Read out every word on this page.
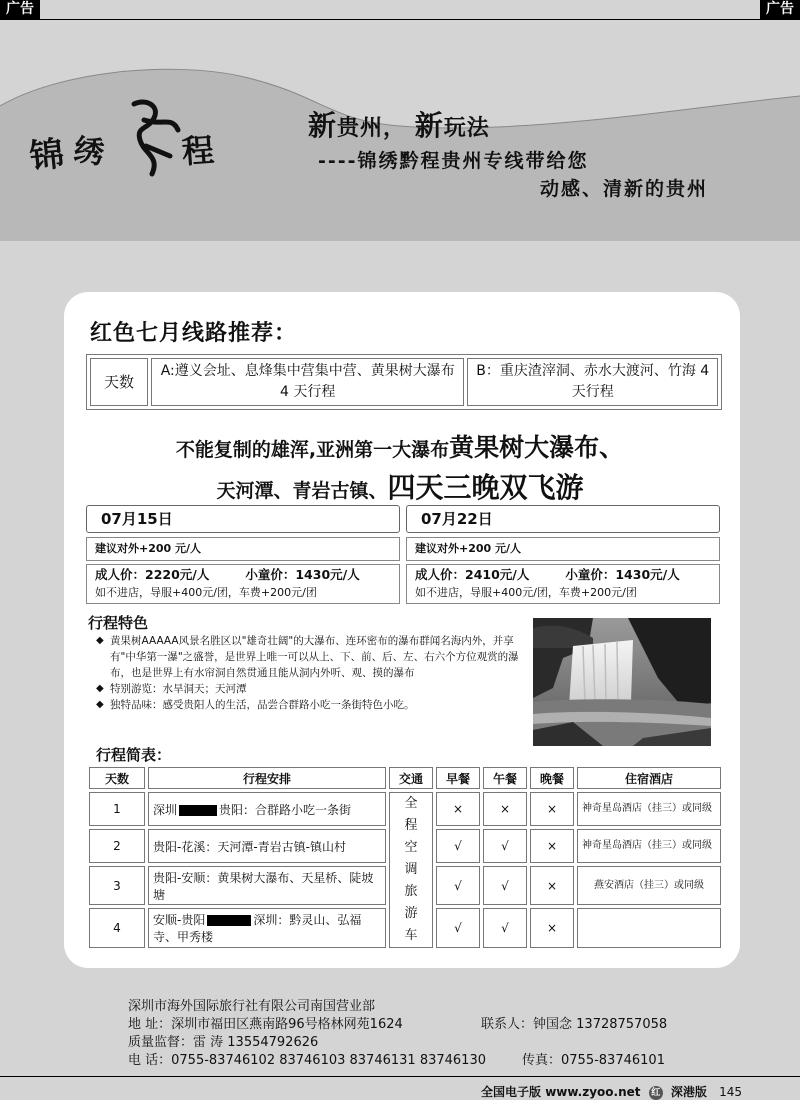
广告	广告
锦 绣 程
新贵州， 新玩法
----锦绣黔程贵州专线带给您
动感、清新的贵州
红色七月线路推荐：
天数	A:遵义会址、息烽集中营集中营、黄果树大瀑布 4 天行程	B：重庆渣滓洞、赤水大渡河、竹海 4 天行程
不能复制的雄浑,亚洲第一大瀑布黄果树大瀑布、
天河潭、青岩古镇、四天三晚双飞游
07月15日
建议对外+200 元/人
成人价：2220元/人	小童价：1430元/人
如不进店，导服+400元/团，车费+200元/团
07月22日
建议对外+200 元/人
成人价：2410元/人	小童价：1430元/人
如不进店，导服+400元/团，车费+200元/团
行程特色
◆ 黄果树AAAAA风景名胜区以"雄奇壮阔"的大瀑布、连环密布的瀑布群闻名海内外，并享有"中华第一瀑"之盛誉，是世界上唯一可以从上、下、前、后、左、右六个方位观赏的瀑布，也是世界上有水帘洞自然贯通且能从洞内外听、观、摸的瀑布
◆ 特别游览：水旱洞天；天河潭
◆ 独特品味：感受贵阳人的生活，品尝合群路小吃一条街特色小吃。
行程简表：
天数	行程安排	交通	早餐	午餐	晚餐	住宿酒店
1	深圳 贵阳：合群路小吃一条街	全程空调旅游车	×	×	×	神奇星岛酒店（挂三）或同级
2	贵阳-花溪：天河潭-青岩古镇-镇山村		√	√	×	神奇星岛酒店（挂三）或同级
3	贵阳-安顺：黄果树大瀑布、天星桥、陡坡塘		√	√	×	燕安酒店（挂三）或同级
4	安顺-贵阳 深圳：黔灵山、弘福寺、甲秀楼		√	√	×	
深圳市海外国际旅行社有限公司南国营业部
地 址：深圳市福田区燕南路96号格林网苑1624	联系人：钟国念 13728757058
质量监督：雷 涛 13554792626
电 话：0755-83746102 83746103 83746131 83746130	传真：0755-83746101
全国电子版 www.zyoo.net 红 深港版 145
